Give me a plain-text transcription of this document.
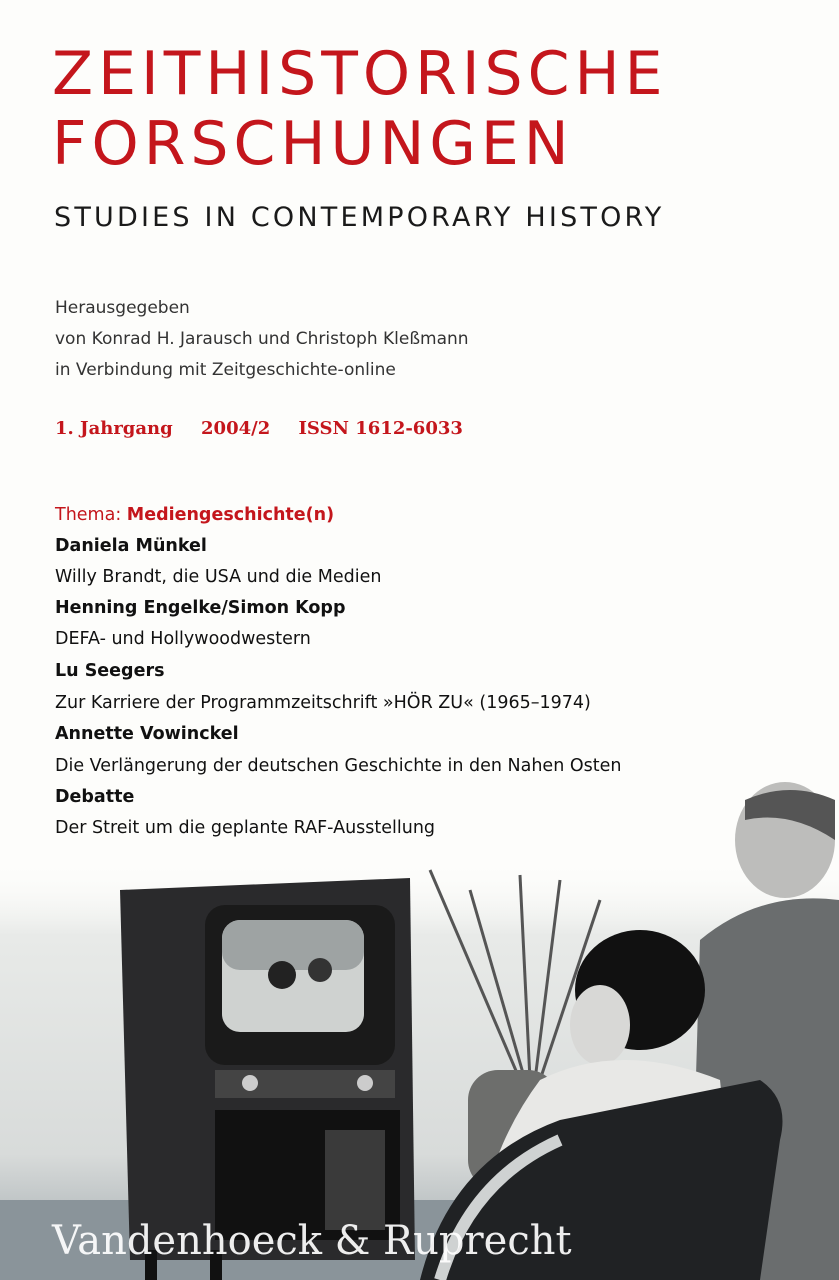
ZEITHISTORISCHE
FORSCHUNGEN
STUDIES IN CONTEMPORARY HISTORY
Herausgegeben
von Konrad H. Jarausch und Christoph Kleßmann
in Verbindung mit Zeitgeschichte-online
1. Jahrgang 2004/2 ISSN 1612-6033
Thema: Mediengeschichte(n)
Daniela Münkel
Willy Brandt, die USA und die Medien
Henning Engelke/Simon Kopp
DEFA- und Hollywoodwestern
Lu Seegers
Zur Karriere der Programmzeitschrift »HÖR ZU« (1965–1974)
Annette Vowinckel
Die Verlängerung der deutschen Geschichte in den Nahen Osten
Debatte
Der Streit um die geplante RAF-Ausstellung
Vandenhoeck & Ruprecht
